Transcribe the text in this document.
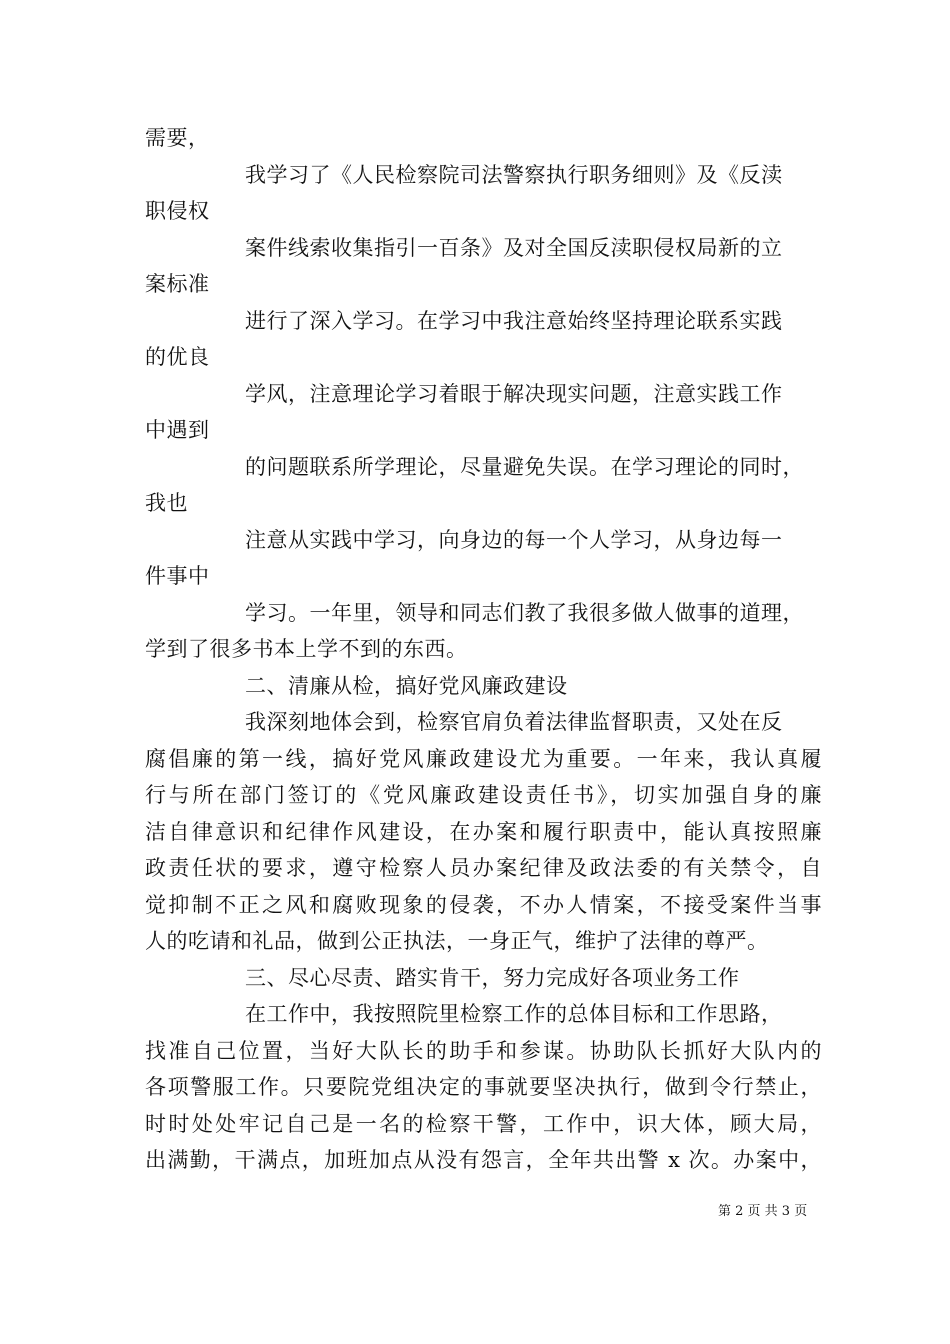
需要，
我学习了《人民检察院司法警察执行职务细则》及《反渎
职侵权
案件线索收集指引一百条》及对全国反渎职侵权局新的立
案标准
进行了深入学习。在学习中我注意始终坚持理论联系实践
的优良
学风，注意理论学习着眼于解决现实问题，注意实践工作
中遇到
的问题联系所学理论，尽量避免失误。在学习理论的同时，
我也
注意从实践中学习，向身边的每一个人学习，从身边每一
件事中
学习。一年里，领导和同志们教了我很多做人做事的道理，
学到了很多书本上学不到的东西。
二、清廉从检，搞好党风廉政建设
我深刻地体会到，检察官肩负着法律监督职责，又处在反
腐倡廉的第一线，搞好党风廉政建设尤为重要。一年来，我认真履
行与所在部门签订的《党风廉政建设责任书》，切实加强自身的廉
洁自律意识和纪律作风建设，在办案和履行职责中，能认真按照廉
政责任状的要求，遵守检察人员办案纪律及政法委的有关禁令，自
觉抑制不正之风和腐败现象的侵袭，不办人情案，不接受案件当事
人的吃请和礼品，做到公正执法，一身正气，维护了法律的尊严。
三、尽心尽责、踏实肯干，努力完成好各项业务工作
在工作中，我按照院里检察工作的总体目标和工作思路，
找准自己位置，当好大队长的助手和参谋。协助队长抓好大队内的
各项警服工作。只要院党组决定的事就要坚决执行，做到令行禁止，
时时处处牢记自己是一名的检察干警，工作中，识大体，顾大局，
出满勤，干满点，加班加点从没有怨言，全年共出警 x 次。办案中，
第 2 页 共 3 页
